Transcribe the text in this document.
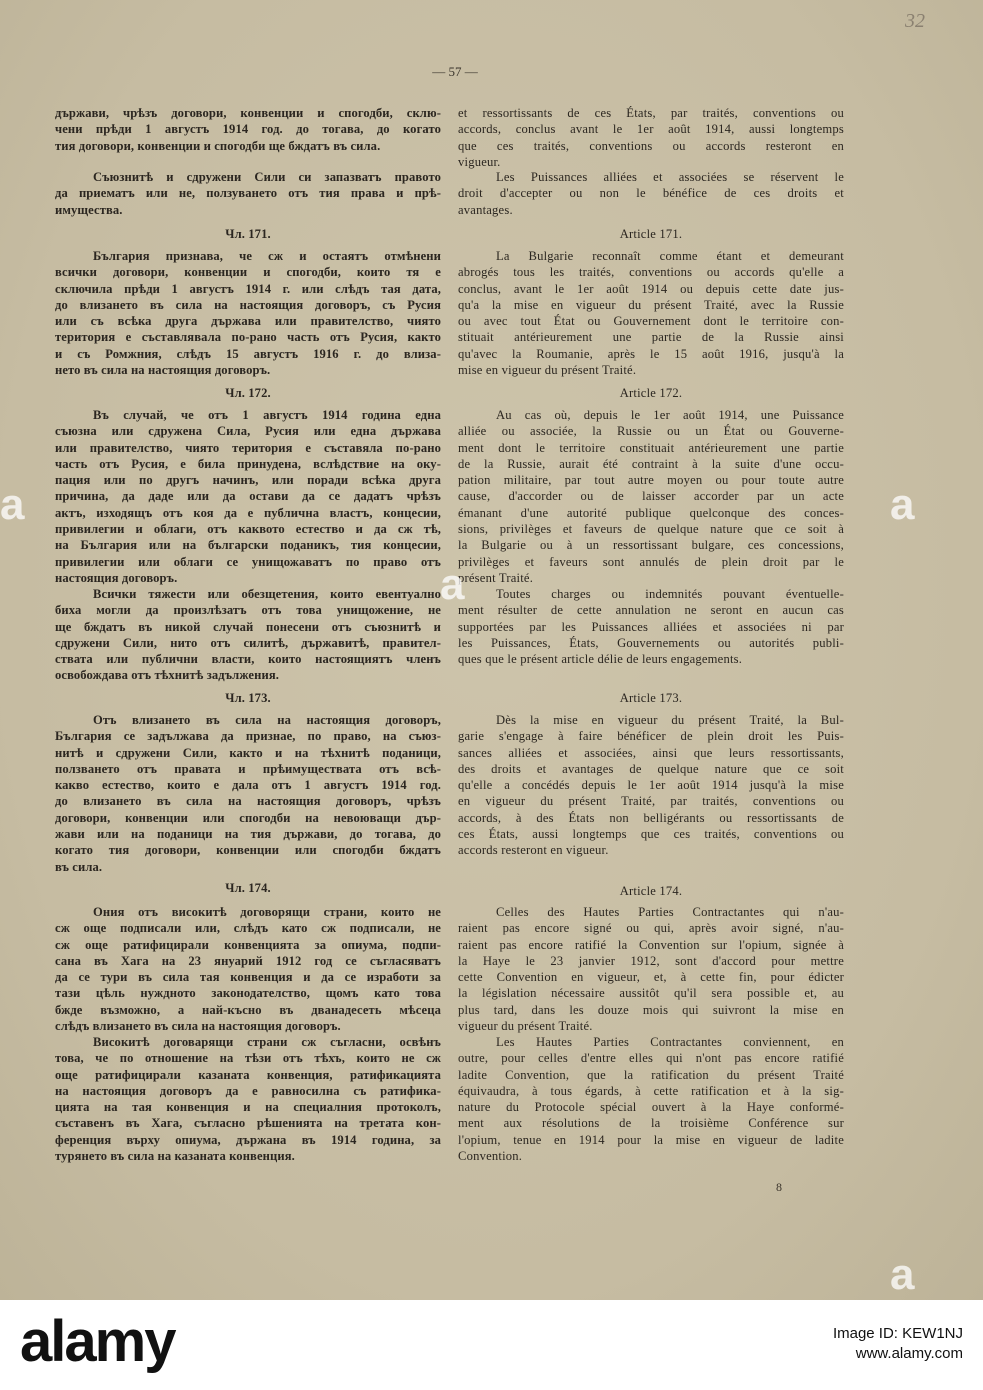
32
— 57 —
държави, чрѣзъ договори, конвенции и спогодби, склю-
чени прѣди 1 августъ 1914 год. до тогава, до когато
тия договори, конвенции и спогодби ще бждатъ въ сила.
Съюзнитѣ и сдружени Сили си запазватъ правото
да приематъ или не, ползуването отъ тия права и прѣ-
имущества.
Чл. 171.
България признава, че сж и остаятъ отмѣнени
всички договори, конвенции и спогодби, които тя е
сключила прѣди 1 августъ 1914 г. или слѣдъ тая дата,
до влизането въ сила на настоящия договоръ, съ Русия
или съ всѣка друга държава или правителство, чиято
територия е съставлявала по-рано часть отъ Русия, както
и съ Ромжния, слѣдъ 15 августъ 1916 г. до влиза-
нето въ сила на настоящия договоръ.
Чл. 172.
Въ случай, че отъ 1 августъ 1914 година една
съюзна или сдружена Сила, Русия или една държава
или правителство, чиято територия е съставяла по-рано
часть отъ Русия, е била принудена, вслѣдствие на оку-
пация или по другъ начинъ, или поради всѣка друга
причина, да даде или да остави да се дадатъ чрѣзъ
актъ, изходящъ отъ коя да е публична властъ, концесии,
привилегии и облаги, отъ каквото естество и да сж тѣ,
на България или на български поданикъ, тия концесии,
привилегии или облаги се унищожаватъ по право отъ
настоящия договоръ.
Всички тяжести или обезщетения, които евентуално
биха могли да произлѣзатъ отъ това унищожение, не
ще бждатъ въ никой случай понесени отъ съюзнитѣ и
сдружени Сили, нито отъ силитѣ, държавитѣ, правител-
ствата или публични власти, които настоящиятъ членъ
освобождава отъ тѣхнитѣ задължения.
Чл. 173.
Отъ влизането въ сила на настоящия договоръ,
България се задължава да признае, по право, на съюз-
нитѣ и сдружени Сили, както и на тѣхнитѣ поданици,
ползването отъ правата и прѣимуществата отъ всѣ-
какво естество, които е дала отъ 1 августъ 1914 год.
до влизането въ сила на настоящия договоръ, чрѣзъ
договори, конвенции или спогодби на невоюващи дър-
жави или на поданици на тия държави, до тогава, до
когато тия договори, конвенции или спогодби бждатъ
въ сила.
Чл. 174.
Ония отъ високитѣ договорящи страни, които не
сж още подписали или, слѣдъ като сж подписали, не
сж още ратифицирали конвенцията за опиума, подпи-
сана въ Хага на 23 януарий 1912 год се съгласяватъ
да се тури въ сила тая конвенция и да се изработи за
тази цѣль нуждното законодателство, щомъ като това
бжде възможно, а най-късно въ дванадесеть мѣсеца
слѣдъ влизането въ сила на настоящия договоръ.
Високитѣ договарящи страни сж съгласни, освѣнъ
това, че по отношение на тѣзи отъ тѣхъ, които не сж
още ратифицирали казаната конвенция, ратификацията
на настоящия договоръ да е равносилна съ ратифика-
цията на тая конвенция и на специалния протоколъ,
съставенъ въ Хага, съгласно рѣшенията на третата кон-
ференция върху опиума, държана въ 1914 година, за
турянето въ сила на казаната конвенция.
et ressortissants de ces États, par traités, conventions ou
accords, conclus avant le 1er août 1914, aussi longtemps
que ces traités, conventions ou accords resteront en
vigueur.
Les Puissances alliées et associées se réservent le
droit d'accepter ou non le bénéfice de ces droits et
avantages.
Article 171.
La Bulgarie reconnaît comme étant et demeurant
abrogés tous les traités, conventions ou accords qu'elle a
conclus, avant le 1er août 1914 ou depuis cette date jus-
qu'a la mise en vigueur du présent Traité, avec la Russie
ou avec tout État ou Gouvernement dont le territoire con-
stituait antérieurement une partie de la Russie ainsi
qu'avec la Roumanie, après le 15 août 1916, jusqu'à la
mise en vigueur du présent Traité.
Article 172.
Au cas où, depuis le 1er août 1914, une Puissance
alliée ou associée, la Russie ou un État ou Gouverne-
ment dont le territoire constituait antérieurement une partie
de la Russie, aurait été contraint à la suite d'une occu-
pation militaire, par tout autre moyen ou pour toute autre
cause, d'accorder ou de laisser accorder par un acte
émanant d'une autorité publique quelconque des conces-
sions, privilèges et faveurs de quelque nature que ce soit à
la Bulgarie ou à un ressortissant bulgare, ces concessions,
privilèges et faveurs sont annulés de plein droit par le
présent Traité.
Toutes charges ou indemnités pouvant éventuelle-
ment résulter de cette annulation ne seront en aucun cas
supportées par les Puissances alliées et associées ni par
les Puissances, États, Gouvernements ou autorités publi-
ques que le présent article délie de leurs engagements.
Article 173.
Dès la mise en vigueur du présent Traité, la Bul-
garie s'engage à faire bénéficer de plein droit les Puis-
sances alliées et associées, ainsi que leurs ressortissants,
des droits et avantages de quelque nature que ce soit
qu'elle a concédés depuis le 1er août 1914 jusqu'à la mise
en vigueur du présent Traité, par traités, conventions ou
accords, à des États non belligérants ou ressortissants de
ces États, aussi longtemps que ces traités, conventions ou
accords resteront en vigueur.
Article 174.
Celles des Hautes Parties Contractantes qui n'au-
raient pas encore signé ou qui, après avoir signé, n'au-
raient pas encore ratifié la Convention sur l'opium, signée à
la Haye le 23 janvier 1912, sont d'accord pour mettre
cette Convention en vigueur, et, à cette fin, pour édicter
la législation nécessaire aussitôt qu'il sera possible et, au
plus tard, dans les douze mois qui suivront la mise en
vigueur du présent Traité.
Les Hautes Parties Contractantes conviennent, en
outre, pour celles d'entre elles qui n'ont pas encore ratifié
ladite Convention, que la ratification du présent Traité
équivaudra, à tous égards, à cette ratification et à la sig-
nature du Protocole spécial ouvert à la Haye conformé-
ment aux résolutions de la troisième Conférence sur
l'opium, tenue en 1914 pour la mise en vigueur de ladite
Convention.
8
a	a
a
a
alamy	Image ID: KEW1NJ
www.alamy.com
